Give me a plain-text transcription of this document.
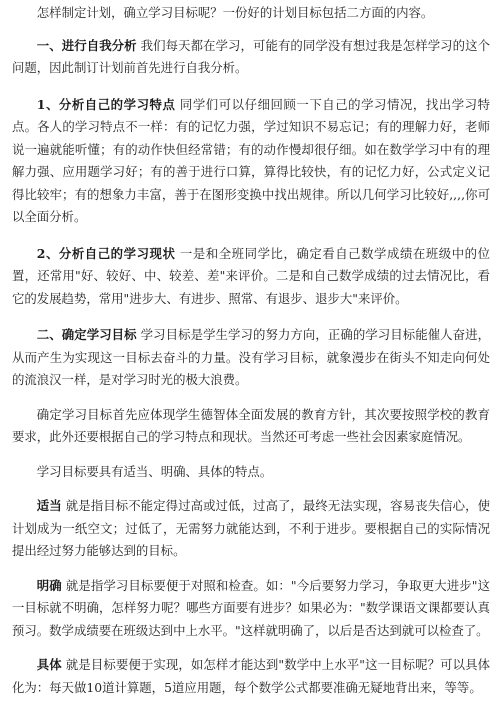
怎样制定计划，确立学习目标呢？一份好的计划目标包括二方面的内容。

一、进行自我分析 我们每天都在学习，可能有的同学没有想过我是怎样学习的这个问题，因此制订计划前首先进行自我分析。

1、分析自己的学习特点 同学们可以仔细回顾一下自己的学习情况，找出学习特点。各人的学习特点不一样：有的记忆力强，学过知识不易忘记；有的理解力好，老师说一遍就能听懂；有的动作快但经常错；有的动作慢却很仔细。如在数学学习中有的理解力强、应用题学习好；有的善于进行口算，算得比较快，有的记忆力好，公式定义记得比较牢；有的想象力丰富，善于在图形变换中找出规律。所以几何学习比较好,,,,你可以全面分析。

2、分析自己的学习现状 一是和全班同学比，确定看自己数学成绩在班级中的位置，还常用"好、较好、中、较差、差"来评价。二是和自己数学成绩的过去情况比，看它的发展趋势，常用"进步大、有进步、照常、有退步、退步大"来评价。

二、确定学习目标 学习目标是学生学习的努力方向，正确的学习目标能催人奋进，从而产生为实现这一目标去奋斗的力量。没有学习目标，就象漫步在街头不知走向何处的流浪汉一样，是对学习时光的极大浪费。

确定学习目标首先应体现学生德智体全面发展的教育方针，其次要按照学校的教育要求，此外还要根据自己的学习特点和现状。当然还可考虑一些社会因素家庭情况。

学习目标要具有适当、明确、具体的特点。

适当 就是指目标不能定得过高或过低，过高了，最终无法实现，容易丧失信心，使计划成为一纸空文；过低了，无需努力就能达到，不利于进步。要根据自己的实际情况提出经过努力能够达到的目标。

明确 就是指学习目标要便于对照和检查。如："今后要努力学习，争取更大进步"这一目标就不明确，怎样努力呢？哪些方面要有进步？如果必为："数学课语文课都要认真预习。数学成绩要在班级达到中上水平。"这样就明确了，以后是否达到就可以检查了。

具体 就是目标要便于实现，如怎样才能达到"数学中上水平"这一目标呢？可以具体化为：每天做10道计算题，5道应用题，每个数学公式都要准确无疑地背出来，等等。
